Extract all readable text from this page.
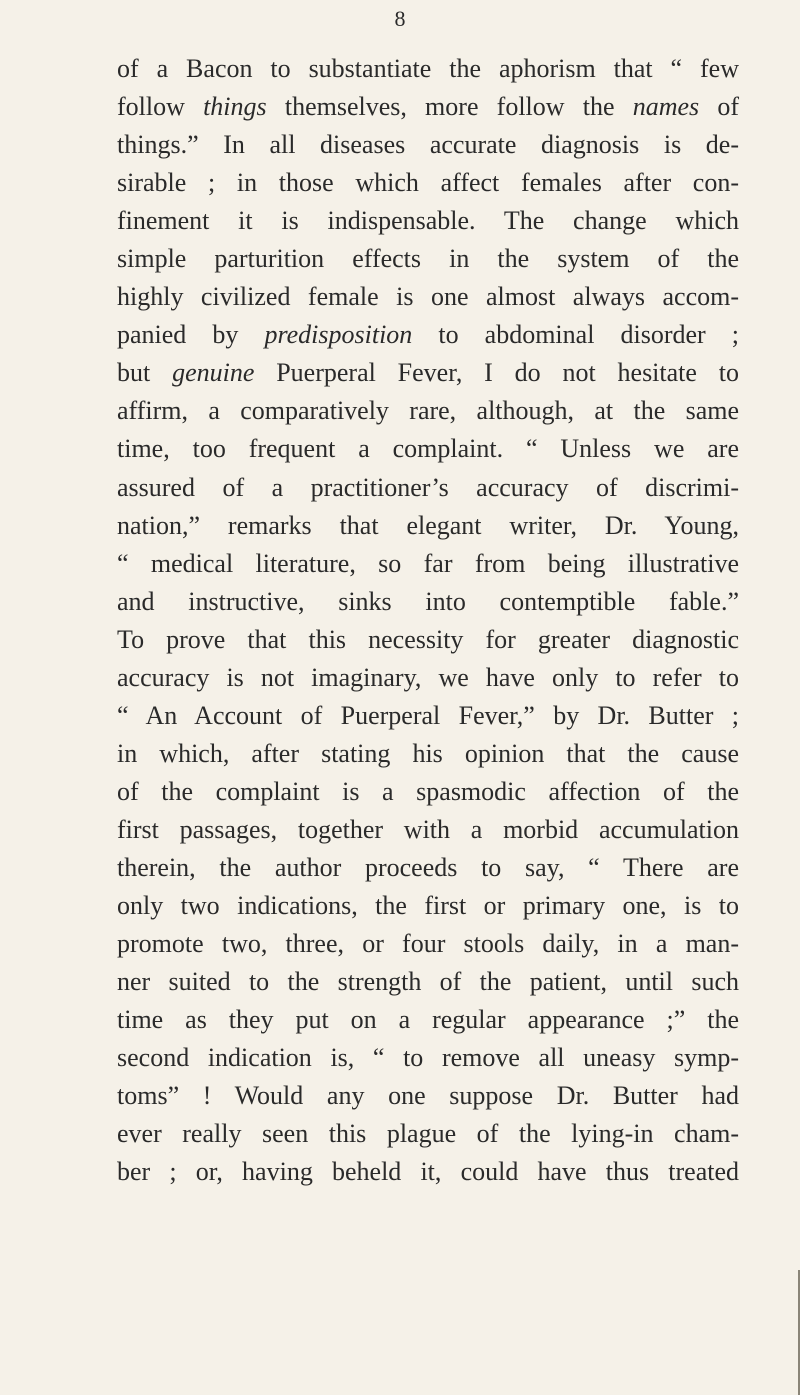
8
of a Bacon to substantiate the aphorism that “ few
follow things themselves, more follow the names of
things.” In all diseases accurate diagnosis is de-
sirable ; in those which affect females after con-
finement it is indispensable. The change which
simple parturition effects in the system of the
highly civilized female is one almost always accom-
panied by predisposition to abdominal disorder ;
but genuine Puerperal Fever, I do not hesitate to
affirm, a comparatively rare, although, at the same
time, too frequent a complaint. “ Unless we are
assured of a practitioner’s accuracy of discrimi-
nation,” remarks that elegant writer, Dr. Young,
“ medical literature, so far from being illustrative
and instructive, sinks into contemptible fable.”
To prove that this necessity for greater diagnostic
accuracy is not imaginary, we have only to refer to
“ An Account of Puerperal Fever,” by Dr. Butter ;
in which, after stating his opinion that the cause
of the complaint is a spasmodic affection of the
first passages, together with a morbid accumulation
therein, the author proceeds to say, “ There are
only two indications, the first or primary one, is to
promote two, three, or four stools daily, in a man-
ner suited to the strength of the patient, until such
time as they put on a regular appearance ;” the
second indication is, “ to remove all uneasy symp-
toms” ! Would any one suppose Dr. Butter had
ever really seen this plague of the lying-in cham-
ber ; or, having beheld it, could have thus treated
